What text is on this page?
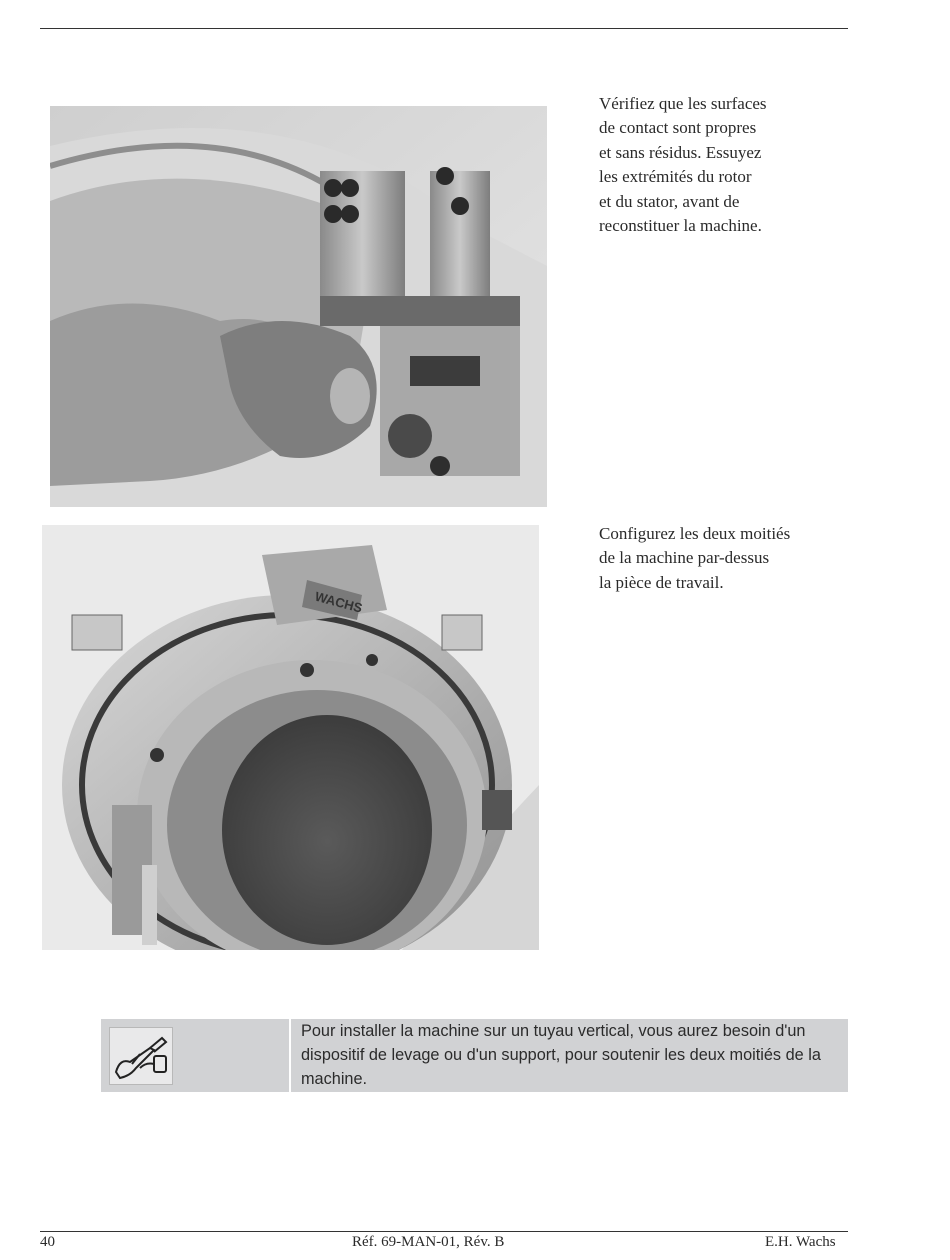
Vérifiez que les surfaces
de contact sont propres
et sans résidus. Essuyez
les extrémités du rotor
et du stator, avant de
reconstituer la machine.
WACHS
Configurez les deux moitiés
de la machine par-dessus
la pièce de travail.
Pour installer la machine sur un tuyau vertical, vous aurez besoin d'un dispositif de levage ou d'un support, pour soutenir les deux moitiés de la machine.
40	Réf. 69-MAN-01, Rév. B	E.H. Wachs
